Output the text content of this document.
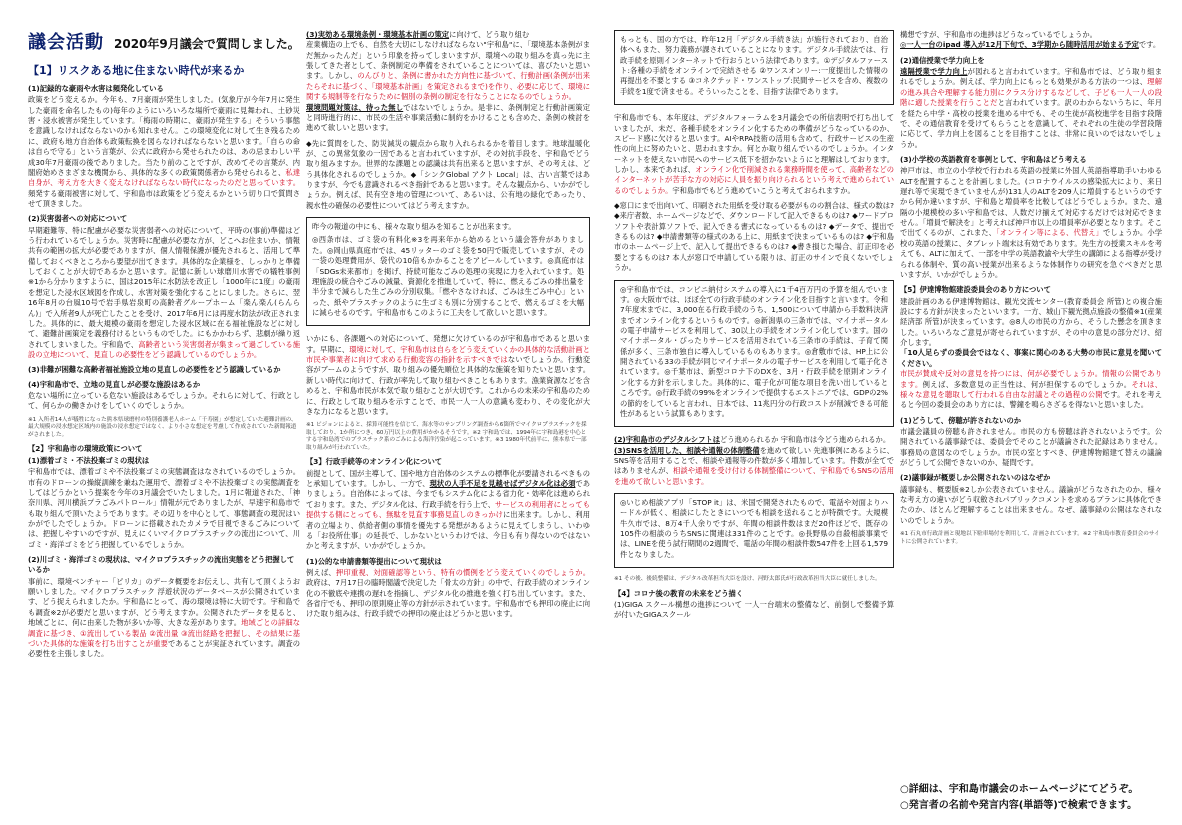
議会活動 2020年9月議会で質問しました。
【1】リスクある地に住まない時代が来るか
(1)記録的な豪雨や水害は頻発化している

政策をどう変えるか。今年も、7月豪雨が発生しました。(気象庁が今年7月に発生した豪雨を命名したもの)毎年のようにいろいろな場所で豪雨に見舞われ、土砂災害・浸水被害が発生しています。「梅雨の時期に、豪雨が発生する」そういう事態を意識しなければならないのかも知れません。この環境変化に対して生き残るために、政府も地方自治体も政策転換を図らなければならないと思います。「自らの命は自らで守る」という言葉が、公式に政府から発せられたのは、あの忌まわしい平成30年7月豪雨の後でありました。当たり前のことですが、改めてその言葉が、内閣府始めさまざまな機関から、具体的な多くの政策関係者から発せられると、私達自身が、考え方を大きく変えなければならない時代になったのだと思っています。頻発する豪雨被害に対して、宇和島市は政策をどう変えるかという切り口で質問させて頂きました。

(2)災害弱者への対応について

早期避難等、特に配慮が必要な災害弱者への対応について、平時の(事前)準備はどう行われているでしょうか。災害時に配慮が必要な方が、どこへお住まいか、情報共有の範囲の拡大が必要でありますが、個人情報保護が優先されると、活用して準備しておくべきところから要望が出てきます。具体的な企業様を、しっかりと準備しておくことが大切であるかと思います。記憶に新しい球磨川水害での犠牲事例※1から分かりますように、国は2015年に水防法を改正し「1000年に1度」の豪雨を想定した浸水区域図を作成し、水害対策を強化することにしました。さらに、翌16年8月の台風10号で岩手県岩泉町の高齢者グループホーム「楽ん楽ん(らんらん)」で入所者9人が死亡したことを受け、2017年6月には再度水防法が改正されました。具体的に、最大規模の豪雨を想定した浸水区域に在る福祉施設などに対して、避難計画策定を義務付けるというものでした。にもかかわらず、悲劇が繰り返されてしまいました。宇和島で、高齢者という災害弱者が集まって過ごしている施設の立地について、見直しの必要性をどう認識しているのでしょうか。

(3)非難が困難な高齢者福祉施設立地の見直しの必要性をどう認識しているか
(4)宇和島市で、立地の見直しが必要な施設はあるか

危ない場所に立っている危ない施設はあるでしょうか。それらに対して、行政として、何らかの働きかけをしていくのでしょうか。

※1 入所者14人が犠牲になった熊本県球磨村の特別養護老人ホーム「千寿園」が想定していた避難計画の、最大規模の浸水想定区域内の施設の浸水想定ではなく、より小さな想定を考慮して作成されていた新聞報道がされました。
【2】宇和島市の環境政策について
(1)漂着ゴミ・不法投棄ゴミの現状は

宇和島市では、漂着ゴミや不法投棄ゴミの実態調査はなされているのでしょうか。市有のドローンの操縦訓練を兼ねた運用で、漂着ゴミや不法投棄ゴミの実態調査をしてはどうかという提案を今年の3月議会でいたしました。1月に報道された、「神奈川県、河川横浜プラごみパトロール」情報が元でありましたが、早速宇和島市でも取り組んで頂いたようであります。その辺りを中心として、事態調査の現況はいかがでしたでしょうか。ドローンに搭載されたカメラで目視できるごみについては、把握しやすいのですが、見えにくいマイクロプラスチックの流出について、川ゴミ・海洋ゴミをどう把握しているでしょうか。

(2)川ゴミ・海洋ゴミの現状は、マイクロプラスチックの流出実態をどう把握しているか

事前に、環境ベンチャー「ピリカ」のデータ概要をお伝えし、共有して頂くようお願いしました。マイクロプラスチック 浮遊状況のデータベースが公開されています、どう捉えられましたか。宇和島にとって、海の環境は特に大切です。宇和島でも調査※2が必要だと思いますが、どう考えますか。公開されたデータを見ると、地域ごとに、何に由来した物が多いか等、大きな差があります。地域ごとの詳細な 調査に基づき、①流出している製品 ②流出量 ③流出経路を把握し、その結果に基づいた具体的な施策を打ち出すことが重要であることが実証されています。調査の必要性を主張しました。

(3)実効ある環境条例・環境基本計画の策定に向けて、どう取り組む
産業構造の上でも、自然を大切にしなければならない"宇和島"に、「環境基本条例がまだ無かったんだ」という印象を持ってしまいますが、環境への取り組みを真っ先に主張してきた者として、条例制定の準備をされていることについては、喜びたいと思います。しかし、のんびりと、条例に書かれた方向性に基づいて、行動計画(条例が出来たらそれに基づく、「環境基本計画」を策定されるまで)を作り、必要に応じて、環境に関する規制等を行なうために個別の条例の制定を行なうことになるのでしょうか。
環境問題対策は、待った無しではないでしょうか。是非に、条例制定と行動計画策定と同時進行的に、市民の生活や事業活動に制約をかけることも含めた、条例の検討を進めて欲しいと思います。

◆先に質問をした、防災減災の観点から取り入れられるかを着目します。地球温暖化が、この異常気象の一因であると言われていますが、その対抗手段を、宇和島でどう取り組みますか。世界的な課題との認識は共有出来ると思いますが、その考えは、どう具体化されるのでしょうか。◆「シンクGlobal アクト Local」は、古い言葉ではありますが、今でも意識されるべき指針であると思います。そんな観点から、いかがでしょうか。例えば、民有空き地の管理について、あるいは、公有地の緑化であったり、親水性の確保の必要性についてはどう考えますか。

昨今の報道の中にも、様々な取り組みを知ることが出来ます。

◎西条市は、ゴミ袋の有料化※3を再来年から始めるという議会答弁がありました。◎岡山県真庭市では、45リッターのゴミ袋を50円で販売していますが、その一袋の処理費用が、袋代の10倍もかかることをアピールしています。◎真庭市は「SDGs未来都市」を掲げ、持続可能なごみの処理の実現に力を入れています。処理施設の統合やごみの減量、資源化を推進していて、特に、燃えるごみの排出量を半分まで減らした生ごみの分別収集。「燃やさなければ、ごみは生ごみ中心」といった、紙やプラスチックのように生ゴミも別に分別することで、燃えるゴミを大幅に減らせるのです。宇和島市もこのように工夫をして欲しいと思います。

いかにも、各課題への対応について、発想に欠けているのが宇和島市であると思います。早期に、環境に対して、宇和島市は自らをどう変えていくかの具体的な活動計画と市民や事業者に向けて求める行動変容の指針を示すべきではないでしょうか。行動変容がブームのようですが、取り組みの優先順位と具体的な施策を知りたいと思います。新しい時代に向けて、行政が率先して取り組むべきこともあります。漁業資源などを含めると、宇和島市民が本気で取り組むことが大切です。これからの未来の宇和島のために、行政として取り組みを示すことで、市民一人一人の意識も変わり、その変化が大きな力になると思います。

※1 ビジョンによると、採算可能性を信じて、海水等のサンプリング調査から6箇所でマイクロプラスチックを採取しており、1か所につき、60万円以上の費用がかかるそうです。※2 宇和島では、1994年に宇和島港を中心とする宇和島湾でのプラスチック系のごみによる海洋汚染が起こっています。※3 1980年代前半に、熊本県で一部取り組みが行われていた。
【3】行政手続等のオンライン化について

前提として、国が主導して、国や地方自治体のシステムの標準化が要請されるべきものと承知しています。しかし、一方で、現状の人手不足を見越せばデジタル化は必須でありましょう。自治体によっては、今までもシステム化による省力化・効率化は進められております。また、デジタル化は、行政手続を行う上で、サービスの利用者にとっても提供する側にとっても、無駄を見直す事務見直しのきっかけに出来ます。しかし、利用者の立場より、供給者側の事情を優先する発想があるように見えてしまうし、いわゆる「お役所仕事」の延長で、しかないというわけでは、今日も有り得ないのではないかと考えますが、いかがでしょうか。

(1)公的な申請書類等提出について現状は

例えば、押印重視、対面確認等という、特有の慣例をどう変えていくのでしょうか。政府は、7月17日の臨時閣議で決定した「骨太の方針」の中で、行政手続のオンライン化の不徹底や連携の遅れを指摘し、デジタル化の推進を強く打ち出しています。また、各省庁でも、押印の原則廃止等の方針が示されています。宇和島市でも押印の廃止に向けた取り組みは、行政手続での押印の廃止はどうかと思います。

もっとも、国の方では、昨年12月「デジタル手続き法」が施行されており、自治体へもまた、努力義務が課されていることになります。デジタル手続法では、行政手続を原則インターネットで行おうという法律であります。①デジタルファースト:各種の手続をオンラインで完結させる ②ワンスオンリー:一度提出した情報の再提出を不要とする ③コネクテッド・ワンストップ:民間サービスを含め、複数の手続を1度で済ませる。そういったことを、目指す法律であります。

宇和島市でも、本年度は、デジタルフォーラムを3月議会での所信表明で打ち出していましたが、未だ、各種手続をオンライン化するための準備がどうなっているのか、スピード感に欠けると思います。AIやRPA技術の活用も含めて、行政サービスの生産性の向上に努めたいと、思われますか。何とか取り組んでいるのでしょうか。インターネットを使えない市民へのサービス低下を招かないようにと理解はしております。しかし、本来であれば、オンライン化で削減される業務時間を使って、高齢者などのインターネットが苦手な方の対応に人員を振り向けられるという考えで進められているのでしょうか。宇和島市でもどう進めていこうと考えておられますか。

◆窓口にまで出向いて、印刷された用紙を受け取る必要がものの割合は、様式の数は? ◆来庁者数、ホームページなどで、ダウンロードして記入できるものは? ◆ワードプロソフトや表計算ソフトで、記入できる書式になっているものは? ◆データで、提出できるものは? ◆申請書類等の様式のある上に、用紙まで決まっているものは? ◆宇和島市のホームページ上で、記入して提出できるものは? ◆書き損じた場合、訂正印を必要とするものは? 本人が窓口で申請している限りは、訂正のサインで良くないでしょうか。

◎宇和島市では、コンビニ納付システムの導入に1千4百万円の予算を組んでいます。◎大阪市では、ほぼ全ての行政手続のオンライン化を目指すと言います。令和7年度末までに、3,000在る行政手続のうち、1,500について申請から手数料決済までオンライン化するというものです。◎新潟県の三条市では、マイナポータルの電子申請サービスを利用して、30以上の手続をオンライン化しています。国のマイナポータル・ぴったりサービスを活用されている三条市の手続は、子育て関係が多く、三条市独自に導入しているものもあります。◎倉敷市では、HP上に公開されている33の手続が同じマイナポータルの電子サービスを利用して電子化されています。◎千葉市は、新型コロナ下のDXを、3月・行政手続を原則オンライン化する方針を示しました。具体的に、電子化が可能な項目を洗い出しているところです。◎行政手続の99%をオンラインで提供するエストニアでは、GDPの2%の節約をしていると言われ、日本では、11兆円分の行政コストが削減できる可能性があるという試算もあります。

(2)宇和島市のデジタルシフトはどう進められるか 宇和島市は今どう進められるか。
(3)SNSを活用した、相談や通報の体制整備を進めて欲しい 先進事例にあるように、SNS等を活用することで、相談や通報等の件数が多く増加しています。件数が全てではありませんが、相談や通報を受け付ける体制整備について、宇和島でもSNSの活用を進めて欲しいと思います。

◎いじめ相談アプリ「STOP it」は、米国で開発されたもので、電話や対面よりハードルが低く、相談にしたときにいつでも相談を送れることが特徴です。大規模牛久市では、8万4千人余りですが、年間の相談件数はまだ20件ほどで、既存の105件の相談のうちSNSに関連は331件のことです。◎長野県の自殺相談事業では、LINEを使う試行期間の2週間で、電話の年間の相談件数547件を上回る1,579件となりました。

※1 その後、後続整備は、デジタル改革担当大臣を設け、河野太郎氏が行政改革担当大臣に就任しました。
【4】コロナ後の教育の未来をどう描く

(1)GIGA スクール構想の進捗について 一人一台端末の整備など、前倒しで整備予算が付いたGIGAスクール

構想ですが、宇和島市の進捗はどうなっているでしょうか。
◎一人一台のipad 導入が12月下旬で、3学期から随時活用が始まる予定です。

(2)通信授業で学力向上を

遠隔授業で学力向上が図れると言われています。宇和島市では、どう取り組まれるでしょうか。例えば、学力向上にもっとも効果がある方法の一つは、理解の進み具合や理解する能力別にクラス分けするなどして、子ども一人一人の段階に適した授業を行うことだと言われています。訳のわからないうちに、年月を経たら中学・高校の授業を進める中でも、その生徒が高校進学を目指す段階で、その通信教育を受けてもらうことを意識して、それぞれの生徒の学習段階に応じて、学力向上を図ることを目指すことは、非常に良いのではないでしょうか。

(3)小学校の英語教育を事例として、宇和島はどう考える

神戸市は、市立の小学校で行われる英語の授業に外国人英語指導助手いわゆるALTを配置することを計画しました。(コロナウイルスの感染拡大により、来日遅れ等で実現できていませんが)131人のALTを209人に増員するというのですから何か違いますが、宇和島と増員率を比較してはどうでしょうか。また、遠隔の小規模校の多い宇和島では、人数だけ揃えて対応するだけでは対応できません。「増員で解決を」と考えれば神戸市以上の増員率が必要となります。そこで出てくるのが、これまた、「オンライン等による、代替え」でしょうか。小学校の英語の授業に、タブレット端末は有効であります。先生方の授業スキルを考えても、ALTに加えて、一部を中学の英語教諭や大学生の講師による指導が受けられる体制や、質の高い授業が出来るような体制作りの研究を急ぐべきだと思いますが、いかがでしょうか。

【5】伊達博物館建設委員会のあり方について

建設計画のある伊達博物館は、観光交流センター(教育委員会 所管)との複合施設にする方針が決まったといいます。一方、城山下観光拠点施設の整備※1(産業経済部 所管)が決まっています。◎8人の市民の方から、そうした懸念を頂きました。いろいろなご意見が寄せられていますが、その中の意見の部分だけ、紹介します。
「10人足らずの委員会ではなく、事案に関心のある大勢の市民に意見を聞いてください。
市民が賛成や反対の意見を持つには、何が必要でしょうか。情報の公開であります。例えば、多数意見の正当性は、何が担保するのでしょうか。それは、様々な意見を聴取して行われる自由な討議とその過程の公開です。それを考えると今回の委員会のあり方には、警鐘を鳴らさざるを得ないと思いました。

(1)どうして、傍聴が許されないのか

市議会議員の傍聴も許されません。市民の方も傍聴は許されないようです。公開されている議事録では、委員会でそのことが議論された記録はありません。事務局の意図なのでしょうか。市民の室とすべき、伊達博物館建て替えの議論がどうして公開できないのか、疑問です。

(2)議事録が概要しか公開されないのはなぜか

議事録も、概要版※2しか公表されていません。議論がどうなされたのか、様々な考え方の違いがどう収斂されパブリックコメントを求めるプランに具体化できたのか、ほとんど理解することは出来ません。なぜ、議事録の公開はなされないのでしょうか。

※1 石丸市行政計画と現地以下駐車場付を利用して、計画されています。※2 宇和島市教育委員会のサイトに公開されています。

○詳細は、宇和島市議会のホームページにてどうぞ。

○発言者の名前や発言内容(単語等)で検索できます。
